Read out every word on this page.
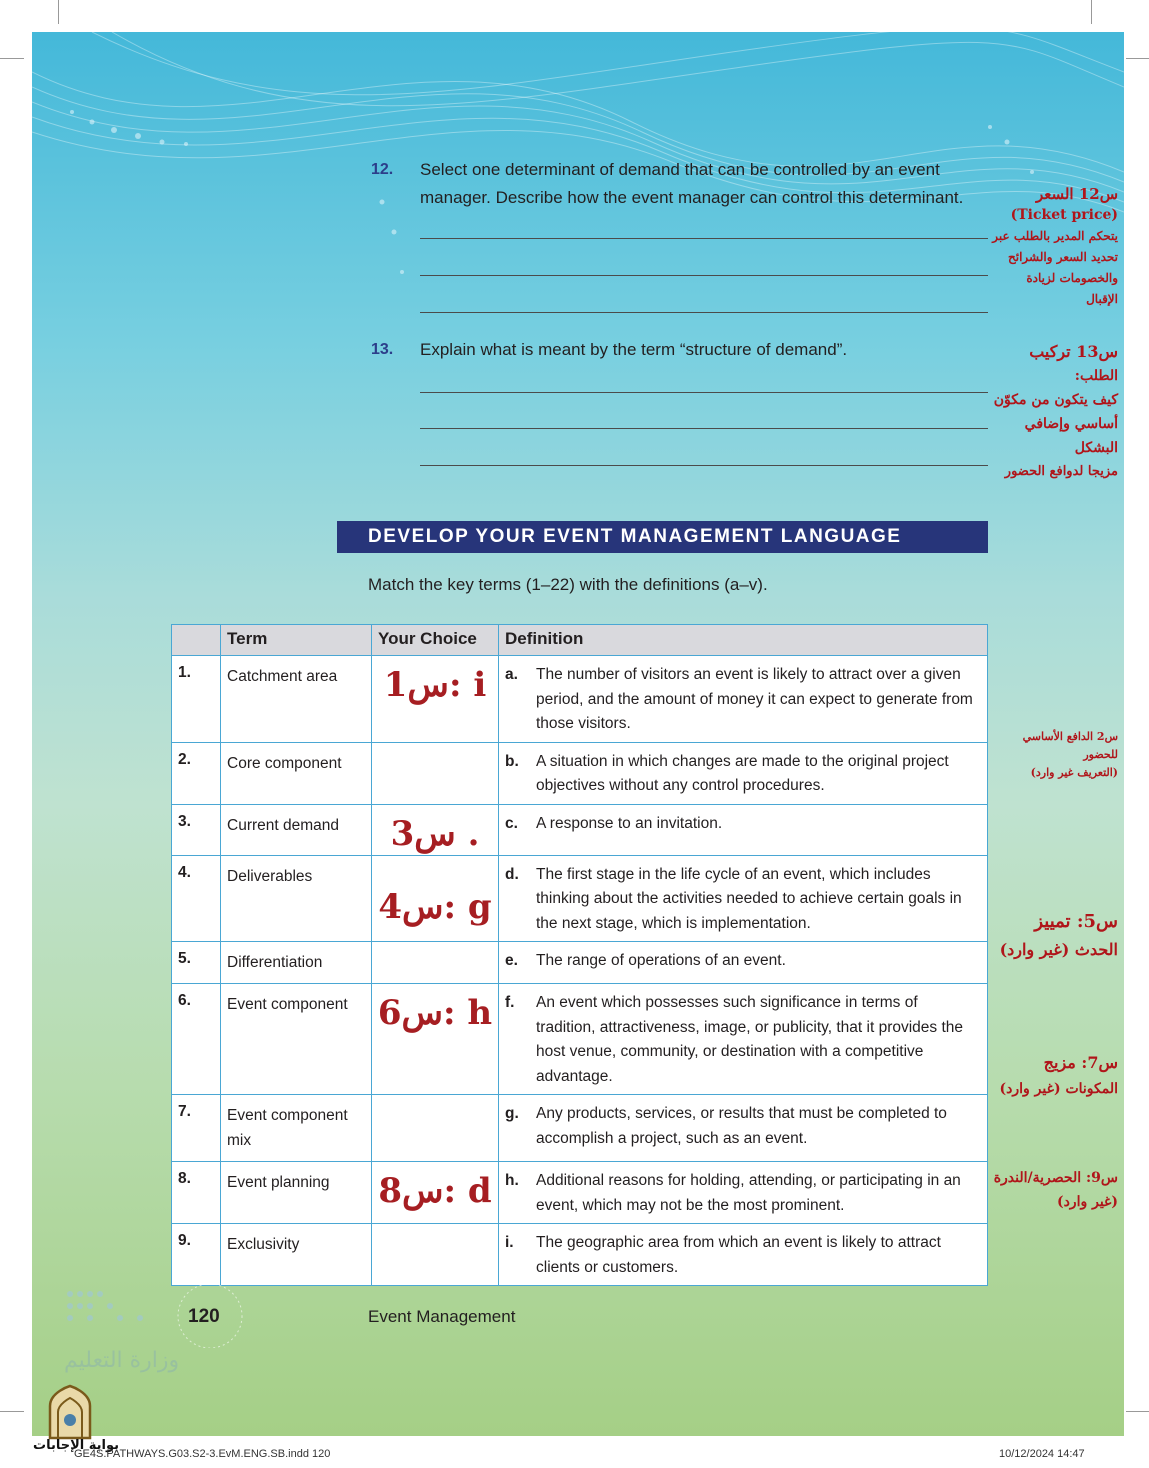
12. Select one determinant of demand that can be controlled by an event manager. Describe how the event manager can control this determinant.
13. Explain what is meant by the term “structure of demand”.
س12 السعر
(Ticket price)
يتحكم المدير بالطلب عبر
تحديد السعر والشرائح
والخصومات لزيادة
الإقبال
س13 تركيب
الطلب:
كيف يتكون من مكوّن
أساسي وإضافي
البشكل
مزيجا لدوافع الحضور
س2 الدافع الأساسي
للحضور
(التعريف غير وارد)
س5: تمييز
الحدث (غير وارد)
س7: مزيج
المكونات (غير وارد)
س9: الحصرية/الندرة
(غير وارد)
DEVELOP YOUR EVENT MANAGEMENT LANGUAGE
Match the key terms (1–22) with the definitions (a–v).
	Term	Your Choice	Definition
1.	Catchment area	س1: i	a. The number of visitors an event is likely to attract over a given period, and the amount of money it can expect to generate from those visitors.

2.	Core component		b. A situation in which changes are made to the original project objectives without any control procedures.

3.	Current demand	س3 .	c. A response to an invitation.

4.	Deliverables	س4: g	d. The first stage in the life cycle of an event, which includes thinking about the activities needed to achieve certain goals in the next stage, which is implementation.

5.	Differentiation		e. The range of operations of an event.

6.	Event component	س6: h	f. An event which possesses such significance in terms of tradition, attractiveness, image, or publicity, that it provides the host venue, community, or destination with a competitive advantage.

7.	Event component mix		g. Any products, services, or results that must be completed to accomplish a project, such as an event.

8.	Event planning	س8: d	h. Additional reasons for holding, attending, or participating in an event, which may not be the most prominent.

9.	Exclusivity		i. The geographic area from which an event is likely to attract clients or customers.
120	Event Management
وزارة التعليم
بوابة الإجابات
GE4S.PATHWAYS.G03.S2-3.EvM.ENG.SB.indd 120	10/12/2024 14:47
